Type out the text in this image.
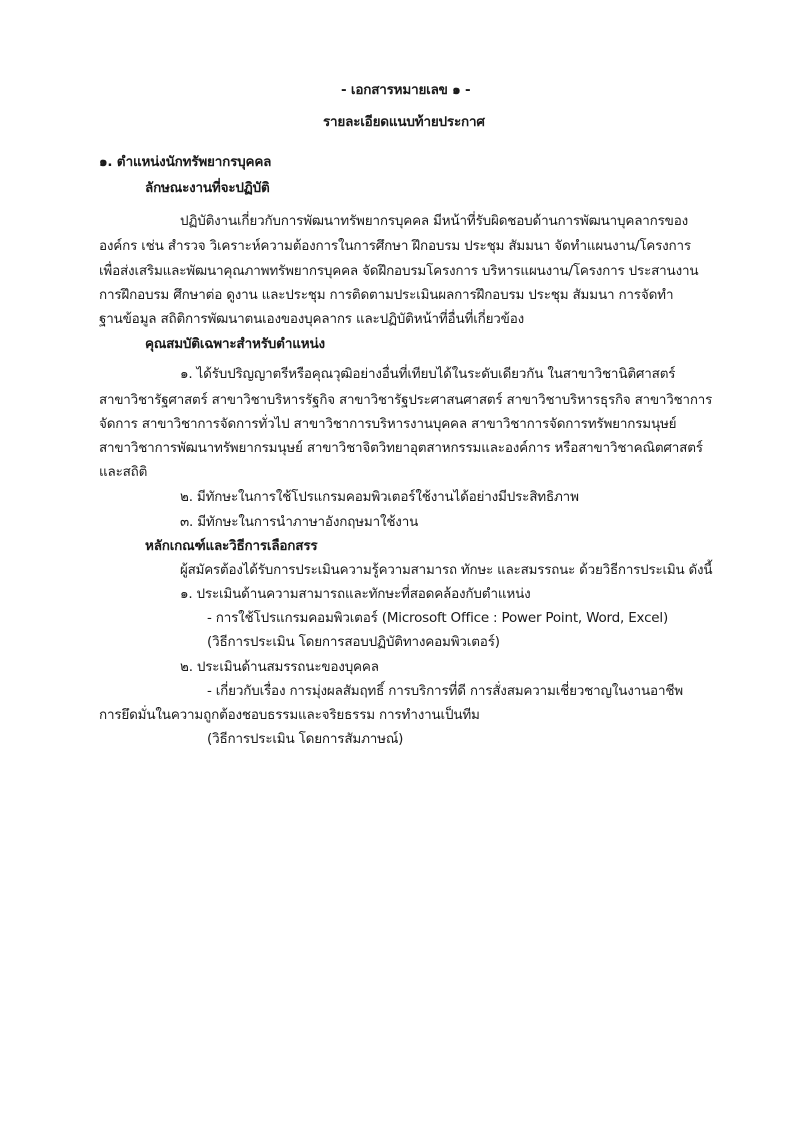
- เอกสารหมายเลข ๑ -
รายละเอียดแนบท้ายประกาศ
๑. ตำแหน่งนักทรัพยากรบุคคล
ลักษณะงานที่จะปฏิบัติ
ปฏิบัติงานเกี่ยวกับการพัฒนาทรัพยากรบุคคล มีหน้าที่รับผิดชอบด้านการพัฒนาบุคลากรของ
องค์กร เช่น สำรวจ วิเคราะห์ความต้องการในการศึกษา ฝึกอบรม ประชุม สัมมนา จัดทำแผนงาน/โครงการ
เพื่อส่งเสริมและพัฒนาคุณภาพทรัพยากรบุคคล จัดฝึกอบรมโครงการ บริหารแผนงาน/โครงการ ประสานงาน
การฝึกอบรม ศึกษาต่อ ดูงาน และประชุม การติดตามประเมินผลการฝึกอบรม ประชุม สัมมนา การจัดทำ
ฐานข้อมูล สถิติการพัฒนาตนเองของบุคลากร และปฏิบัติหน้าที่อื่นที่เกี่ยวข้อง
คุณสมบัติเฉพาะสำหรับตำแหน่ง
๑. ได้รับปริญญาตรีหรือคุณวุฒิอย่างอื่นที่เทียบได้ในระดับเดียวกัน ในสาขาวิชานิติศาสตร์
สาขาวิชารัฐศาสตร์ สาขาวิชาบริหารรัฐกิจ สาขาวิชารัฐประศาสนศาสตร์ สาขาวิชาบริหารธุรกิจ สาขาวิชาการ
จัดการ สาขาวิชาการจัดการทั่วไป สาขาวิชาการบริหารงานบุคคล สาขาวิชาการจัดการทรัพยากรมนุษย์
สาขาวิชาการพัฒนาทรัพยากรมนุษย์ สาขาวิชาจิตวิทยาอุตสาหกรรมและองค์การ หรือสาขาวิชาคณิตศาสตร์
และสถิติ
๒. มีทักษะในการใช้โปรแกรมคอมพิวเตอร์ใช้งานได้อย่างมีประสิทธิภาพ
๓. มีทักษะในการนำภาษาอังกฤษมาใช้งาน
หลักเกณฑ์และวิธีการเลือกสรร
ผู้สมัครต้องได้รับการประเมินความรู้ความสามารถ ทักษะ และสมรรถนะ ด้วยวิธีการประเมิน ดังนี้
๑. ประเมินด้านความสามารถและทักษะที่สอดคล้องกับตำแหน่ง
- การใช้โปรแกรมคอมพิวเตอร์ (Microsoft Office : Power Point, Word, Excel)
(วิธีการประเมิน โดยการสอบปฏิบัติทางคอมพิวเตอร์)
๒. ประเมินด้านสมรรถนะของบุคคล
- เกี่ยวกับเรื่อง การมุ่งผลสัมฤทธิ์ การบริการที่ดี การสั่งสมความเชี่ยวชาญในงานอาชีพ
การยึดมั่นในความถูกต้องชอบธรรมและจริยธรรม การทำงานเป็นทีม
(วิธีการประเมิน โดยการสัมภาษณ์)
